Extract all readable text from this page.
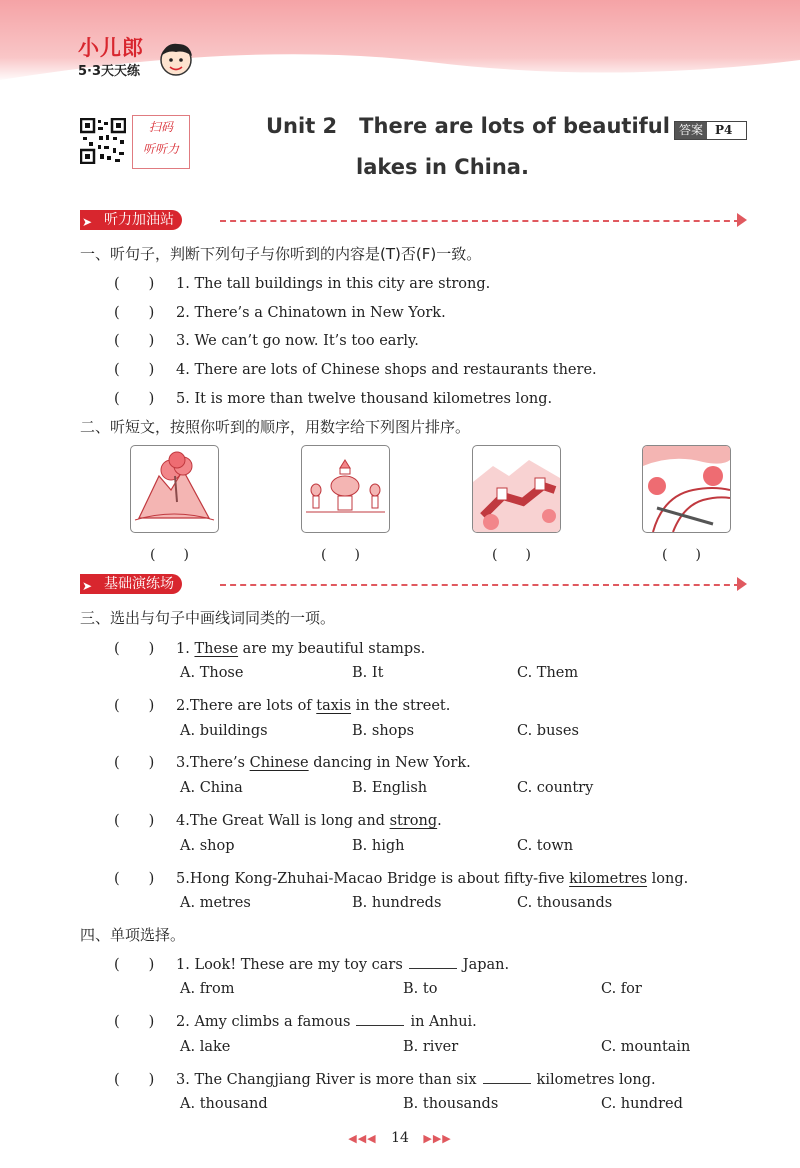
小儿郎
5·3天天练
扫码
听听力
Unit 2 There are lots of beautiful
lakes in China.
答案	P4
➤ 听力加油站
一、听句子，判断下列句子与你听到的内容是(T)否(F)一致。
(　　) 1. The tall buildings in this city are strong.
(　　) 2. There’s a Chinatown in New York.
(　　) 3. We can’t go now. It’s too early.
(　　) 4. There are lots of Chinese shops and restaurants there.
(　　) 5. It is more than twelve thousand kilometres long.
二、听短文，按照你听到的顺序，用数字给下列图片排序。
(　　)	(　　)	(　　)	(　　)
➤ 基础演练场
三、选出与句子中画线词同类的一项。
(　　) 1. These are my beautiful stamps.
A. Those	B. It	C. Them
(　　) 2.There are lots of taxis in the street.
A. buildings	B. shops	C. buses
(　　) 3.There’s Chinese dancing in New York.
A. China	B. English	C. country
(　　) 4.The Great Wall is long and strong.
A. shop	B. high	C. town
(　　) 5.Hong Kong-Zhuhai-Macao Bridge is about fifty-five kilometres long.
A. metres	B. hundreds	C. thousands
四、单项选择。
(　　) 1. Look! These are my toy cars	Japan.
A. from	B. to	C. for
(　　) 2. Amy climbs a famous	in Anhui.
A. lake	B. river	C. mountain
(　　) 3. The Changjiang River is more than six	kilometres long.
A. thousand	B. thousands	C. hundred
◀◀◀ 14 ▶▶▶
